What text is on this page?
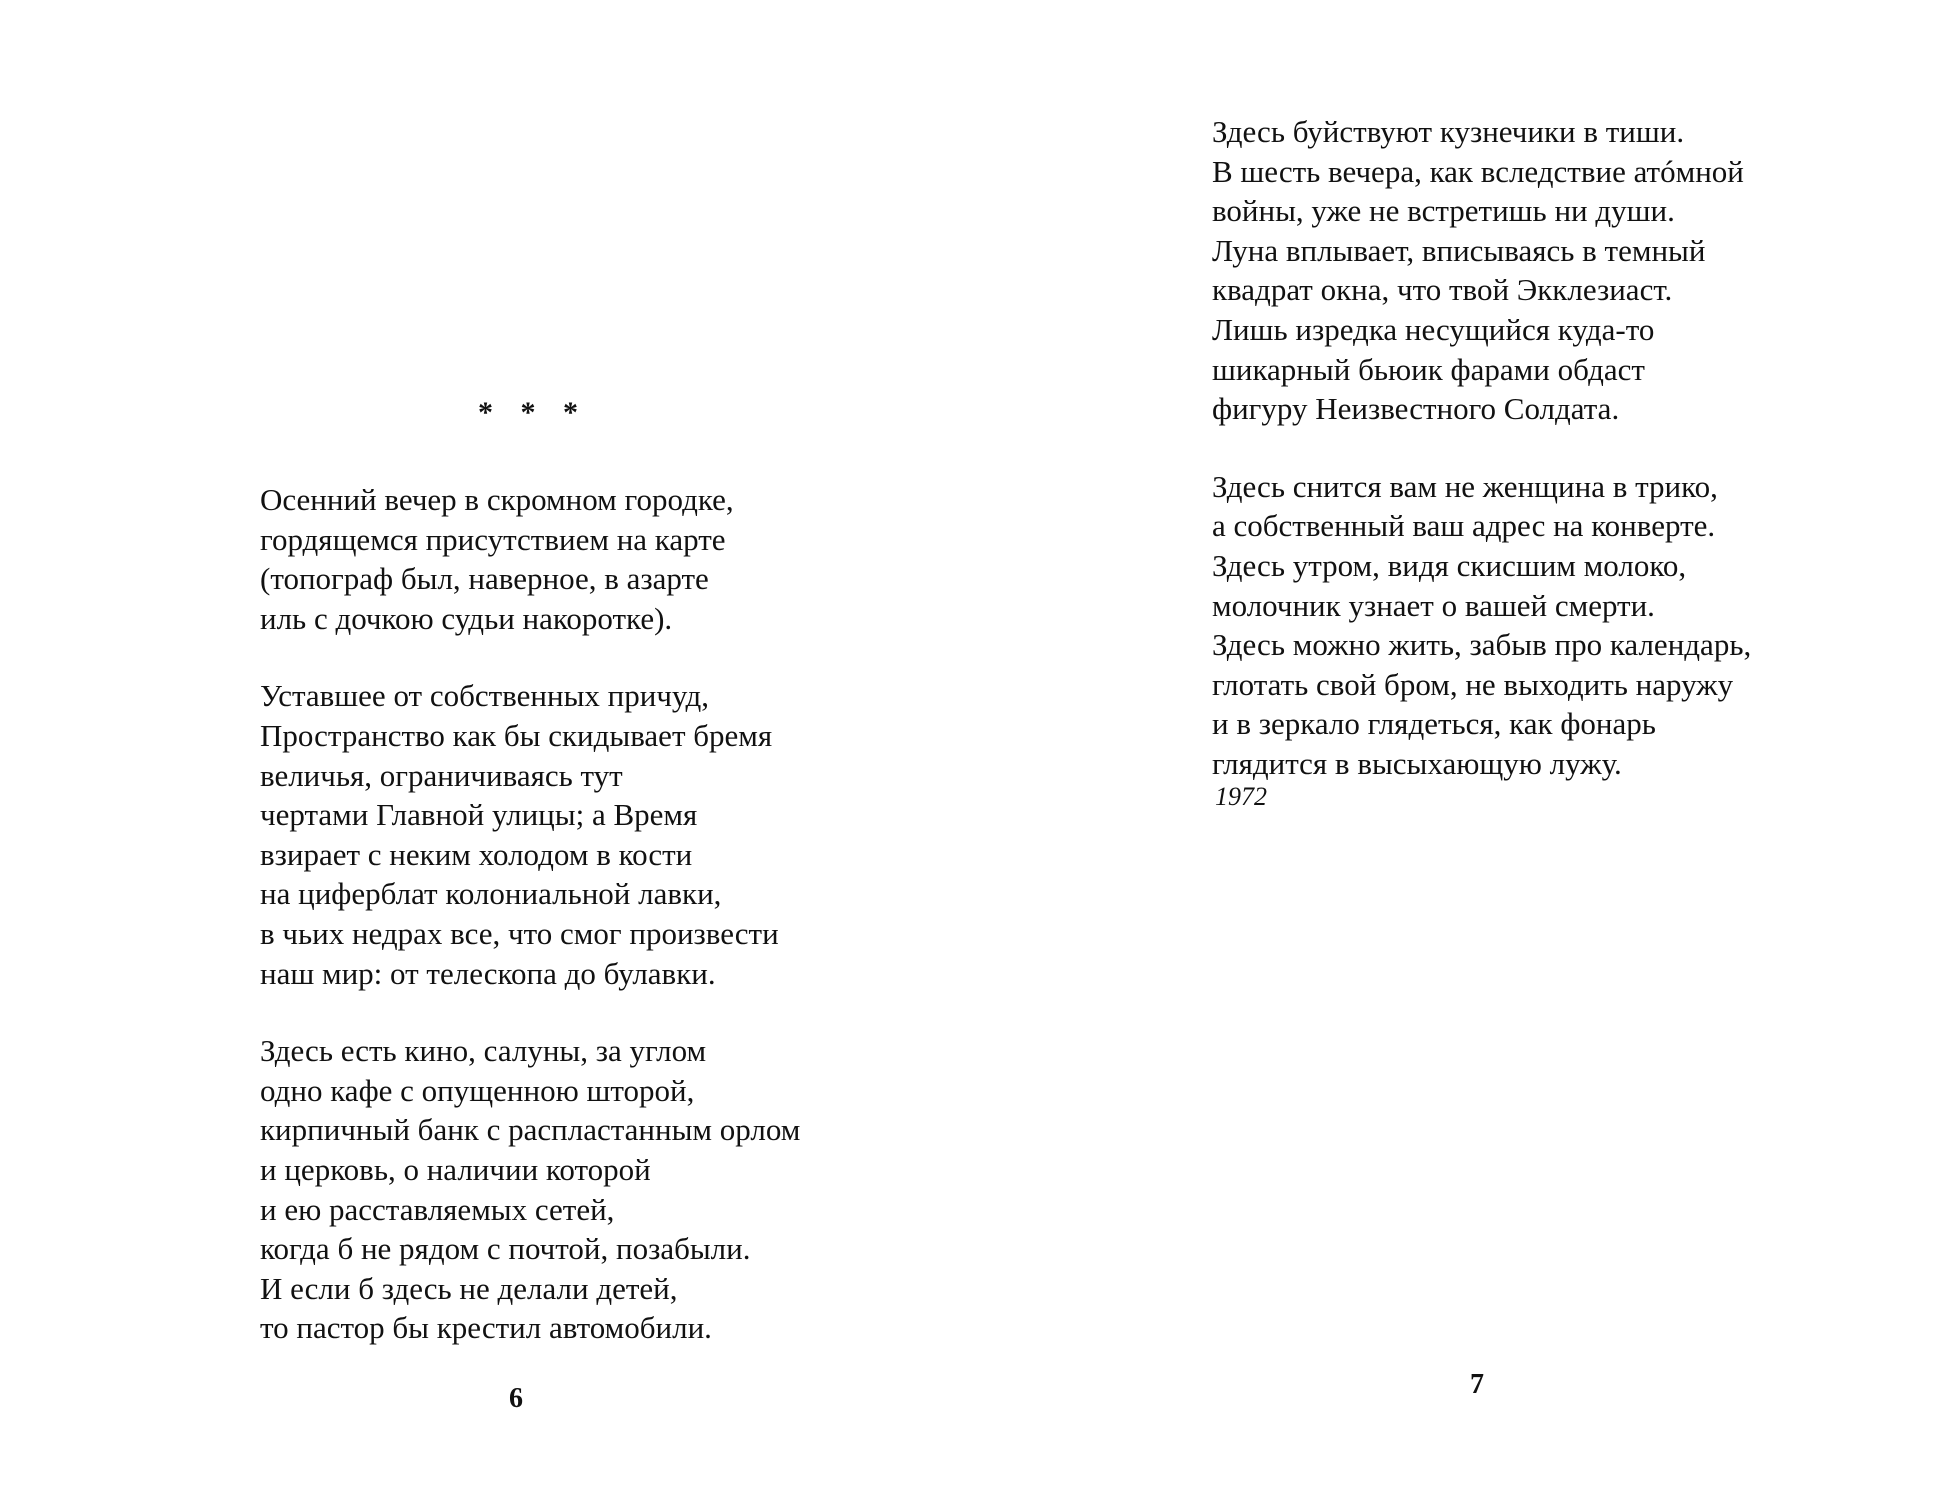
* * *
Осенний вечер в скромном городке,
гордящемся присутствием на карте
(топограф был, наверное, в азарте
иль с дочкою судьи накоротке).
Уставшее от собственных причуд,
Пространство как бы скидывает бремя
величья, ограничиваясь тут
чертами Главной улицы; а Время
взирает с неким холодом в кости
на циферблат колониальной лавки,
в чьих недрах все, что смог произвести
наш мир: от телескопа до булавки.
Здесь есть кино, салуны, за углом
одно кафе с опущенною шторой,
кирпичный банк с распластанным орлом
и церковь, о наличии которой
и ею расставляемых сетей,
когда б не рядом с почтой, позабыли.
И если б здесь не делали детей,
то пастор бы крестил автомобили.
6
Здесь буйствуют кузнечики в тиши.
В шесть вечера, как вследствие атóмной
войны, уже не встретишь ни души.
Луна вплывает, вписываясь в темный
квадрат окна, что твой Экклезиаст.
Лишь изредка несущийся куда-то
шикарный бьюик фарами обдаст
фигуру Неизвестного Солдата.
Здесь снится вам не женщина в трико,
а собственный ваш адрес на конверте.
Здесь утром, видя скисшим молоко,
молочник узнает о вашей смерти.
Здесь можно жить, забыв про календарь,
глотать свой бром, не выходить наружу
и в зеркало глядеться, как фонарь
глядится в высыхающую лужу.
1972
7
